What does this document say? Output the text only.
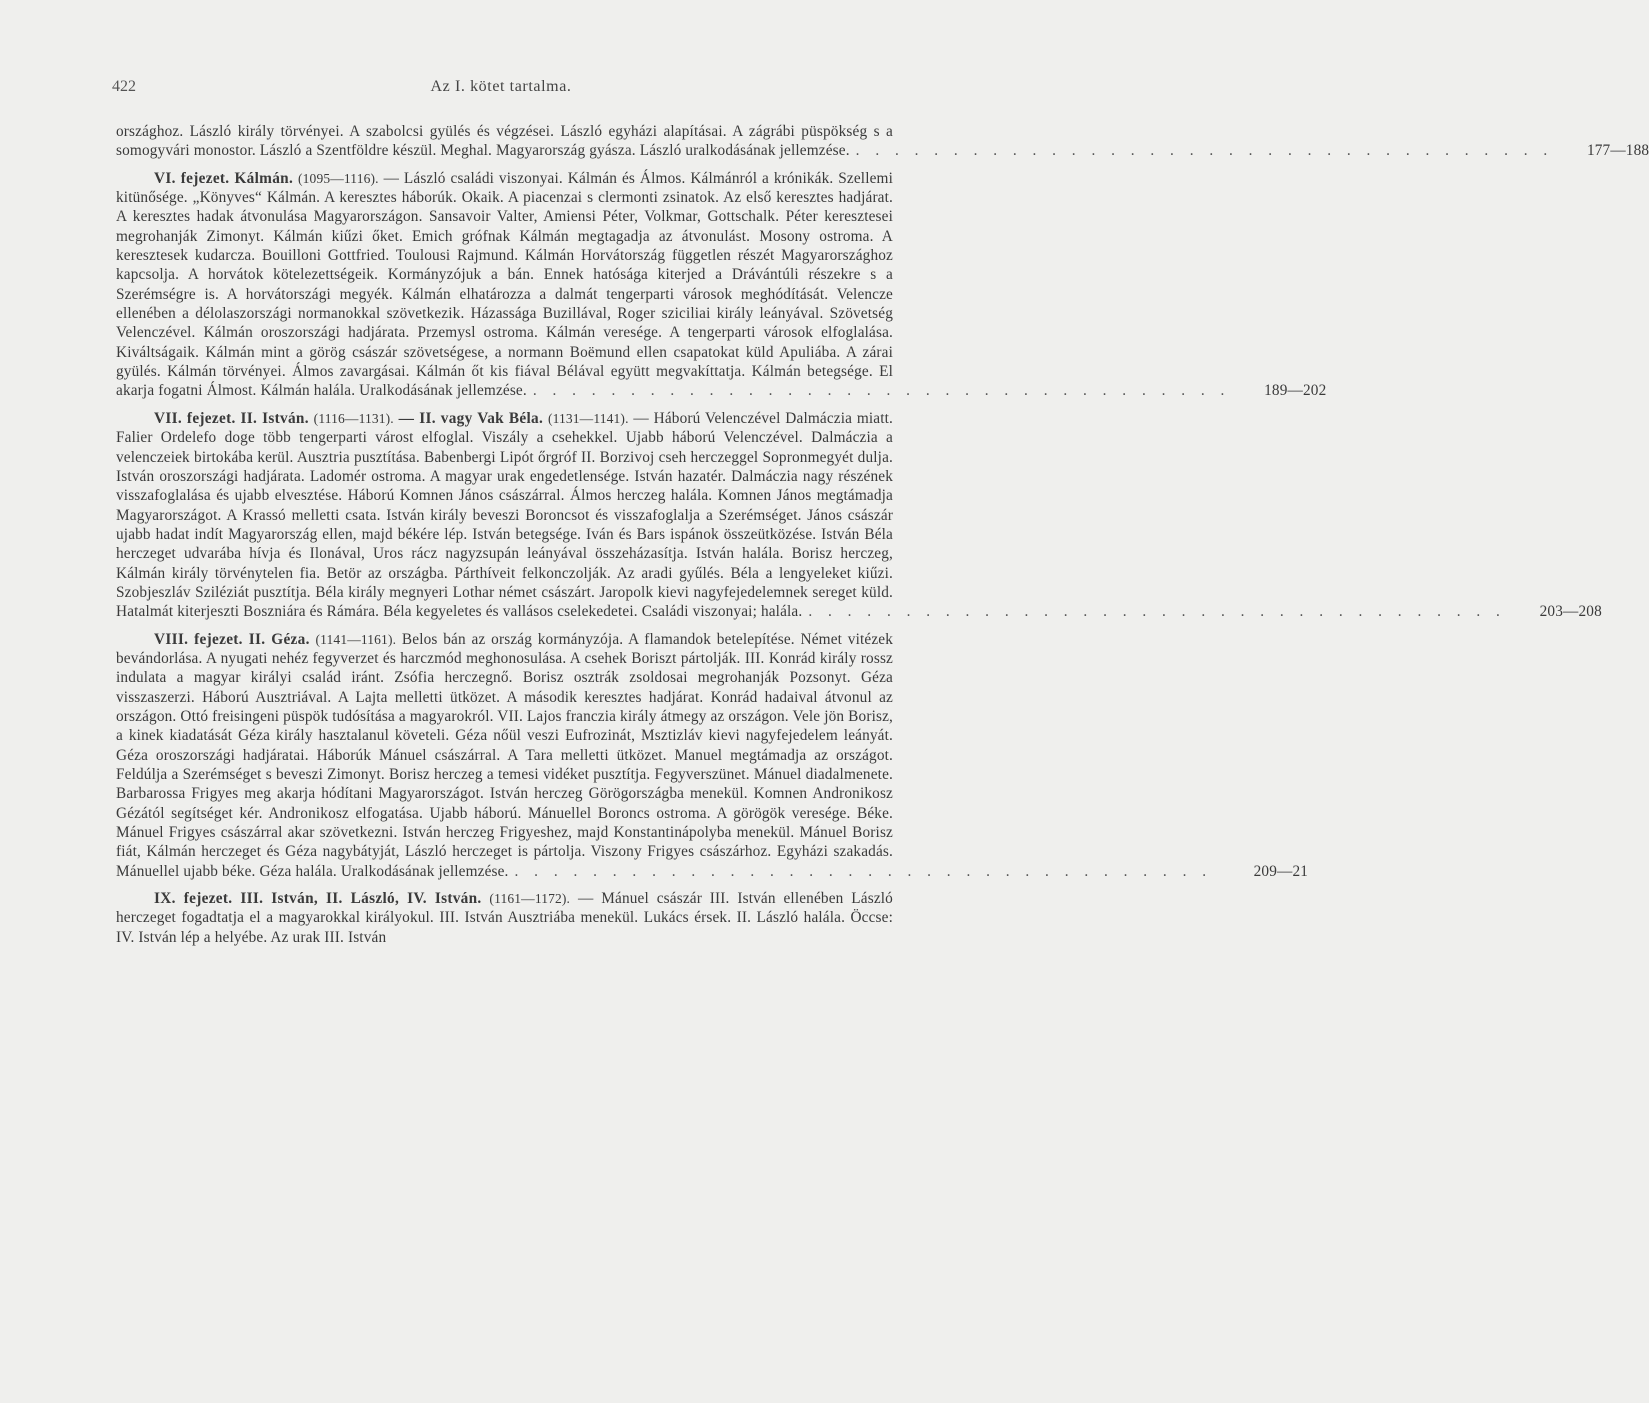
422	Az I. kötet tartalma.

országhoz. László király törvényei. A szabolcsi gyülés és végzései. László egyházi alapításai. A zágrábi püspökség s a somogyvári monostor. László a Szentföldre készül. Meghal. Magyarország gyásza. László uralkodásának jellemzése. . . . . . . . . . . . . . . . . . . . . . . . . . . . . . . . . . . . .	177—188

VI. fejezet. Kálmán. (1095—1116). — László családi viszonyai. Kálmán és Álmos. Kálmánról a krónikák. Szellemi kitünősége. „Könyves“ Kálmán. A keresztes háborúk. Okaik. A piacenzai s clermonti zsinatok. Az első keresztes hadjárat. A keresztes hadak átvonulása Magyarországon. Sansavoir Valter, Amiensi Péter, Volkmar, Gottschalk. Péter keresztesei megrohanják Zimonyt. Kálmán kiűzi őket. Emich grófnak Kálmán megtagadja az átvonulást. Mosony ostroma. A keresztesek kudarcza. Bouilloni Gottfried. Toulousi Rajmund. Kálmán Horvátország független részét Magyarországhoz kapcsolja. A horvátok kötelezettségeik. Kormányzójuk a bán. Ennek hatósága kiterjed a Drávántúli részekre s a Szerémségre is. A horvátországi megyék. Kálmán elhatározza a dalmát tengerparti városok meghódítását. Velencze ellenében a délolaszországi normanokkal szövetkezik. Házassága Buzillával, Roger sziciliai király leányával. Szövetség Velenczével. Kálmán oroszországi hadjárata. Przemysl ostroma. Kálmán veresége. A tengerparti városok elfoglalása. Kiváltságaik. Kálmán mint a görög császár szövetségese, a normann Boëmund ellen csapatokat küld Apuliába. A zárai gyülés. Kálmán törvényei. Álmos zavargásai. Kálmán őt kis fiával Bélával együtt megvakíttatja. Kálmán betegsége. El akarja fogatni Álmost. Kálmán halála. Uralkodásának jellemzése. . . . . . . . . . . . . . . . . . . . . . . . . . . . . . . . . . . . .	189—202

VII. fejezet. II. István. (1116—1131). — II. vagy Vak Béla. (1131—1141). — Háború Velenczével Dalmáczia miatt. Falier Ordelefo doge több tengerparti várost elfoglal. Viszály a csehekkel. Ujabb háború Velenczével. Dalmáczia a velenczeiek birtokába kerül. Ausztria pusztítása. Babenbergi Lipót őrgróf II. Borzivoj cseh herczeggel Sopronmegyét dulja. István oroszországi hadjárata. Ladomér ostroma. A magyar urak engedetlensége. István hazatér. Dalmáczia nagy részének visszafoglalása és ujabb elvesztése. Háború Komnen János császárral. Álmos herczeg halála. Komnen János megtámadja Magyarországot. A Krassó melletti csata. István király beveszi Boroncsot és visszafoglalja a Szerémséget. János császár ujabb hadat indít Magyarország ellen, majd békére lép. István betegsége. Iván és Bars ispánok összeütközése. István Béla herczeget udvarába hívja és Ilonával, Uros rácz nagyzsupán leányával összeházasítja. István halála. Borisz herczeg, Kálmán király törvénytelen fia. Betör az országba. Párthíveit felkonczolják. Az aradi gyűlés. Béla a lengyeleket kiűzi. Szobjeszláv Sziléziát pusztítja. Béla király megnyeri Lothar német császárt. Jaropolk kievi nagyfejedelemnek sereget küld. Hatalmát kiterjeszti Boszniára és Rámára. Béla kegyeletes és vallásos cselekedetei. Családi viszonyai; halála. . . . . . . . . . . . . . . . . . . . . . . . . . . . . . . . . . . . .	203—208

VIII. fejezet. II. Géza. (1141—1161). Belos bán az ország kormányzója. A flamandok betelepítése. Német vitézek bevándorlása. A nyugati nehéz fegyverzet és harczmód meghonosulása. A csehek Boriszt pártolják. III. Konrád király rossz indulata a magyar királyi család iránt. Zsófia herczegnő. Borisz osztrák zsoldosai megrohanják Pozsonyt. Géza visszaszerzi. Háború Ausztriával. A Lajta melletti ütközet. A második keresztes hadjárat. Konrád hadaival átvonul az országon. Ottó freisingeni püspök tudósítása a magyarokról. VII. Lajos franczia király átmegy az országon. Vele jön Borisz, a kinek kiadatását Géza király hasztalanul követeli. Géza nőül veszi Eufrozinát, Msztizláv kievi nagyfejedelem leányát. Géza oroszországi hadjáratai. Háborúk Mánuel császárral. A Tara melletti ütközet. Manuel megtámadja az országot. Feldúlja a Szerémséget s beveszi Zimonyt. Borisz herczeg a temesi vidéket pusztítja. Fegyverszünet. Mánuel diadalmenete. Barbarossa Frigyes meg akarja hódítani Magyarországot. István herczeg Görögországba menekül. Komnen Andronikosz Gézától segítséget kér. Andronikosz elfogatása. Ujabb háború. Mánuellel Boroncs ostroma. A görögök veresége. Béke. Mánuel Frigyes császárral akar szövetkezni. István herczeg Frigyeshez, majd Konstantinápolyba menekül. Mánuel Borisz fiát, Kálmán herczeget és Géza nagybátyját, László herczeget is pártolja. Viszony Frigyes császárhoz. Egyházi szakadás. Mánuellel ujabb béke. Géza halála. Uralkodásának jellemzése. . . . . . . . . . . . . . . . . . . . . . . . . . . . . . . . . . . . .	209—21

IX. fejezet. III. István, II. László, IV. István. (1161—1172). — Mánuel császár III. István ellenében László herczeget fogadtatja el a magyarokkal királyokul. III. István Ausztriába menekül. Lukács érsek. II. László halála. Öccse: IV. István lép a helyébe. Az urak III. István
